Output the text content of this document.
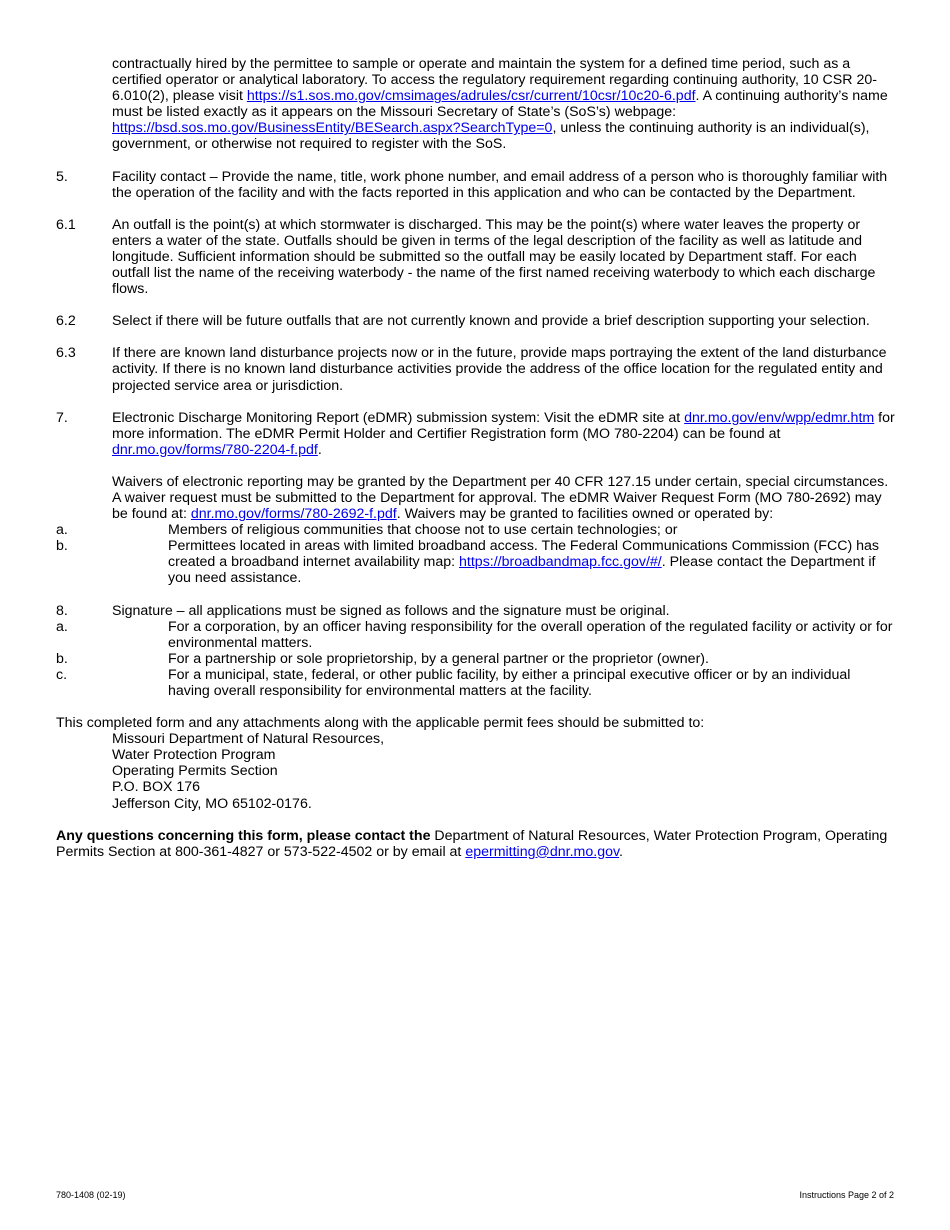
contractually hired by the permittee to sample or operate and maintain the system for a defined time period, such as a certified operator or analytical laboratory. To access the regulatory requirement regarding continuing authority, 10 CSR 20-6.010(2), please visit https://s1.sos.mo.gov/cmsimages/adrules/csr/current/10csr/10c20-6.pdf. A continuing authority’s name must be listed exactly as it appears on the Missouri Secretary of State’s (SoS’s) webpage: https://bsd.sos.mo.gov/BusinessEntity/BESearch.aspx?SearchType=0, unless the continuing authority is an individual(s), government, or otherwise not required to register with the SoS.
5.	Facility contact – Provide the name, title, work phone number, and email address of a person who is thoroughly familiar with the operation of the facility and with the facts reported in this application and who can be contacted by the Department.
6.1	An outfall is the point(s) at which stormwater is discharged. This may be the point(s) where water leaves the property or enters a water of the state. Outfalls should be given in terms of the legal description of the facility as well as latitude and longitude. Sufficient information should be submitted so the outfall may be easily located by Department staff. For each outfall list the name of the receiving waterbody - the name of the first named receiving waterbody to which each discharge flows.
6.2	Select if there will be future outfalls that are not currently known and provide a brief description supporting your selection.
6.3	If there are known land disturbance projects now or in the future, provide maps portraying the extent of the land disturbance activity. If there is no known land disturbance activities provide the address of the office location for the regulated entity and projected service area or jurisdiction.
7.	Electronic Discharge Monitoring Report (eDMR) submission system: Visit the eDMR site at dnr.mo.gov/env/wpp/edmr.htm for more information. The eDMR Permit Holder and Certifier Registration form (MO 780-2204) can be found at dnr.mo.gov/forms/780-2204-f.pdf.
Waivers of electronic reporting may be granted by the Department per 40 CFR 127.15 under certain, special circumstances. A waiver request must be submitted to the Department for approval. The eDMR Waiver Request Form (MO 780-2692) may be found at: dnr.mo.gov/forms/780-2692-f.pdf. Waivers may be granted to facilities owned or operated by:
a.	Members of religious communities that choose not to use certain technologies; or
b.	Permittees located in areas with limited broadband access. The Federal Communications Commission (FCC) has created a broadband internet availability map: https://broadbandmap.fcc.gov/#/. Please contact the Department if you need assistance.
8.	Signature – all applications must be signed as follows and the signature must be original.
a.	For a corporation, by an officer having responsibility for the overall operation of the regulated facility or activity or for environmental matters.
b.	For a partnership or sole proprietorship, by a general partner or the proprietor (owner).
c.	For a municipal, state, federal, or other public facility, by either a principal executive officer or by an individual having overall responsibility for environmental matters at the facility.
This completed form and any attachments along with the applicable permit fees should be submitted to:
Missouri Department of Natural Resources,
Water Protection Program
Operating Permits Section
P.O. BOX 176
Jefferson City, MO 65102-0176.
Any questions concerning this form, please contact the Department of Natural Resources, Water Protection Program, Operating Permits Section at 800-361-4827 or 573-522-4502 or by email at epermitting@dnr.mo.gov.
780-1408 (02-19)	Instructions Page 2 of 2
